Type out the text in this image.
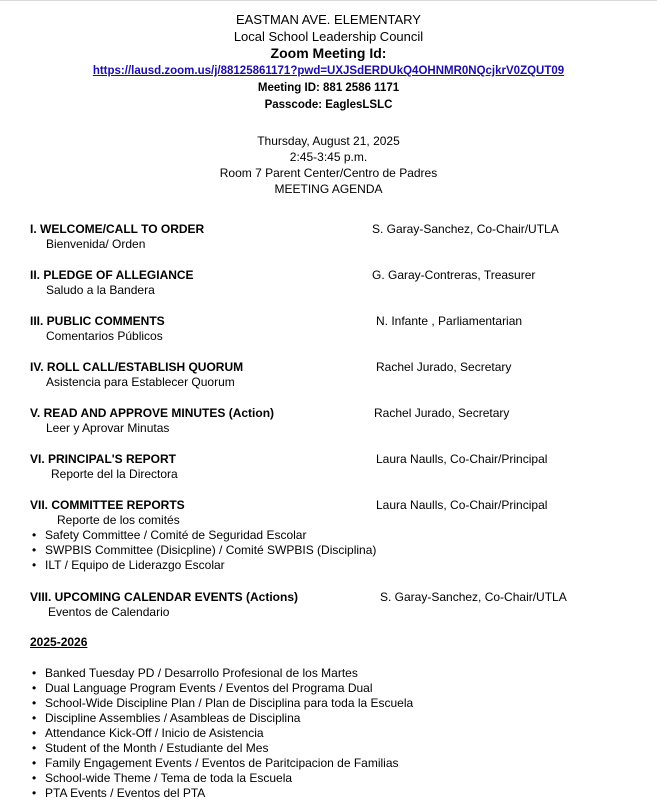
EASTMAN AVE. ELEMENTARY
Local School Leadership Council
Zoom Meeting Id:
https://lausd.zoom.us/j/88125861171?pwd=UXJSdERDUkQ4OHNMR0NQcjkrV0ZQUT09
Meeting ID: 881 2586 1171
Passcode: EaglesLSLC
Thursday, August 21, 2025
2:45-3:45 p.m.
Room 7 Parent Center/Centro de Padres
MEETING AGENDA
I. WELCOME/CALL TO ORDER
Bienvenida/ Orden
S. Garay-Sanchez, Co-Chair/UTLA
II. PLEDGE OF ALLEGIANCE
Saludo a la Bandera
G. Garay-Contreras, Treasurer
III. PUBLIC COMMENTS
Comentarios Públicos
N. Infante , Parliamentarian
IV. ROLL CALL/ESTABLISH QUORUM
Asistencia para Establecer Quorum
Rachel Jurado, Secretary
V. READ AND APPROVE MINUTES (Action)
Leer y Aprovar Minutas
Rachel Jurado, Secretary
VI. PRINCIPAL'S REPORT
Reporte del la Directora
Laura Naulls, Co-Chair/Principal
VII. COMMITTEE REPORTS
Reporte de los comités
Laura Naulls, Co-Chair/Principal
• Safety Committee / Comité de Seguridad Escolar
• SWPBIS Committee (Disicpline) / Comité SWPBIS (Disciplina)
• ILT / Equipo de Liderazgo Escolar
VIII. UPCOMING CALENDAR EVENTS (Actions)
Eventos de Calendario
S. Garay-Sanchez, Co-Chair/UTLA
2025-2026
• Banked Tuesday PD / Desarrollo Profesional de los Martes
• Dual Language Program Events / Eventos del Programa Dual
• School-Wide Discipline Plan / Plan de Disciplina para toda la Escuela
• Discipline Assemblies / Asambleas de Disciplina
• Attendance Kick-Off / Inicio de Asistencia
• Student of the Month / Estudiante del Mes
• Family Engagement Events / Eventos de Paritcipacion de Familias
• School-wide Theme / Tema de toda la Escuela
• PTA Events / Eventos del PTA
